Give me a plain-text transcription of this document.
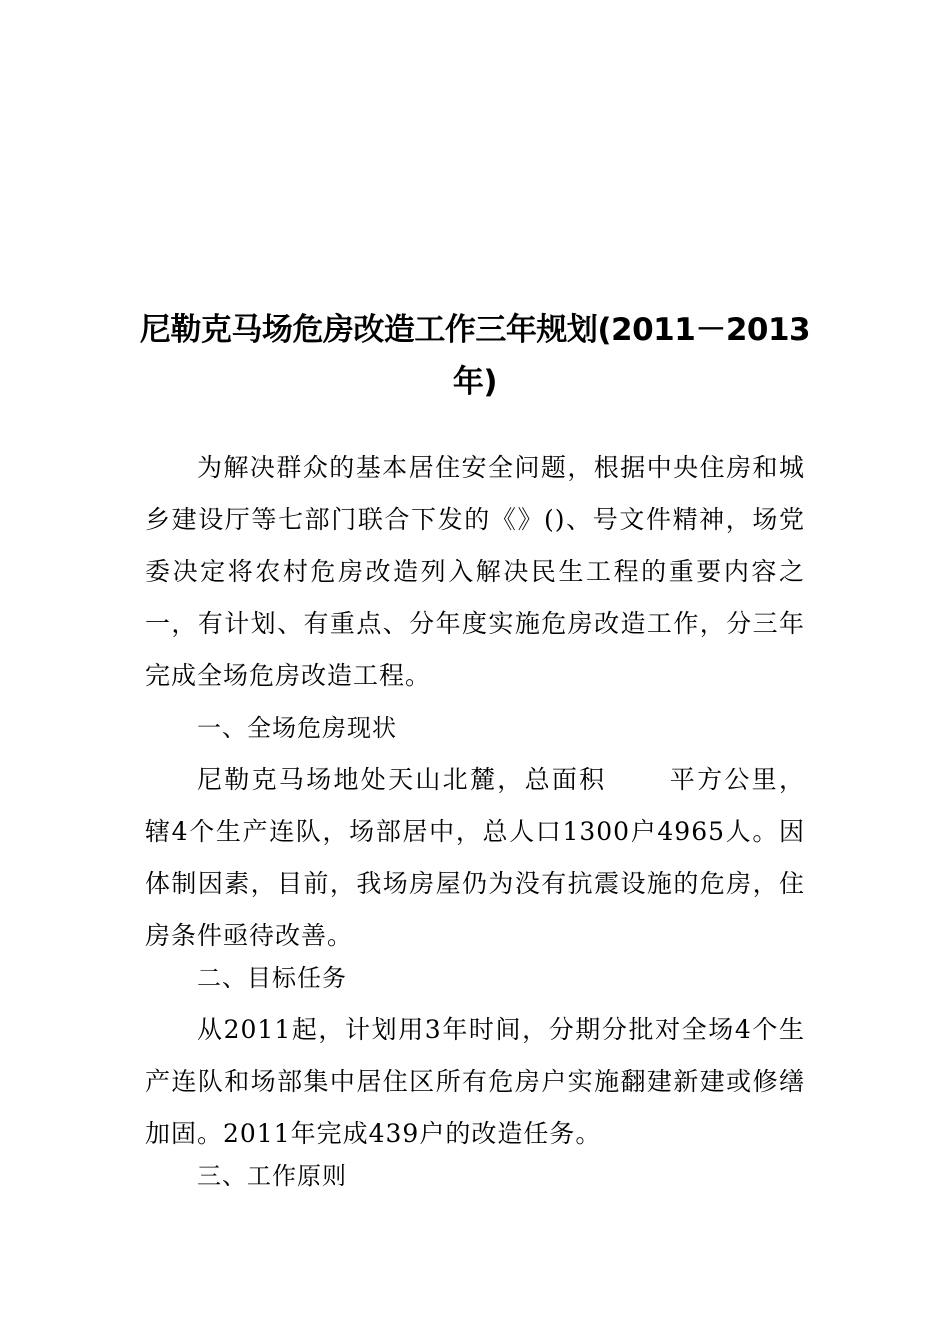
尼勒克马场危房改造工作三年规划(2011－2013
年)

为解决群众的基本居住安全问题，根据中央住房和城乡建设厅等七部门联合下发的《》()、号文件精神，场党委决定将农村危房改造列入解决民生工程的重要内容之一，有计划、有重点、分年度实施危房改造工作，分三年完成全场危房改造工程。

一、全场危房现状

尼勒克马场地处天山北麓，总面积 平方公里，辖4个生产连队，场部居中，总人口1300户4965人。因体制因素，目前，我场房屋仍为没有抗震设施的危房，住房条件亟待改善。

二、目标任务

从2011起，计划用3年时间，分期分批对全场4个生产连队和场部集中居住区所有危房户实施翻建新建或修缮加固。2011年完成439户的改造任务。

三、工作原则
